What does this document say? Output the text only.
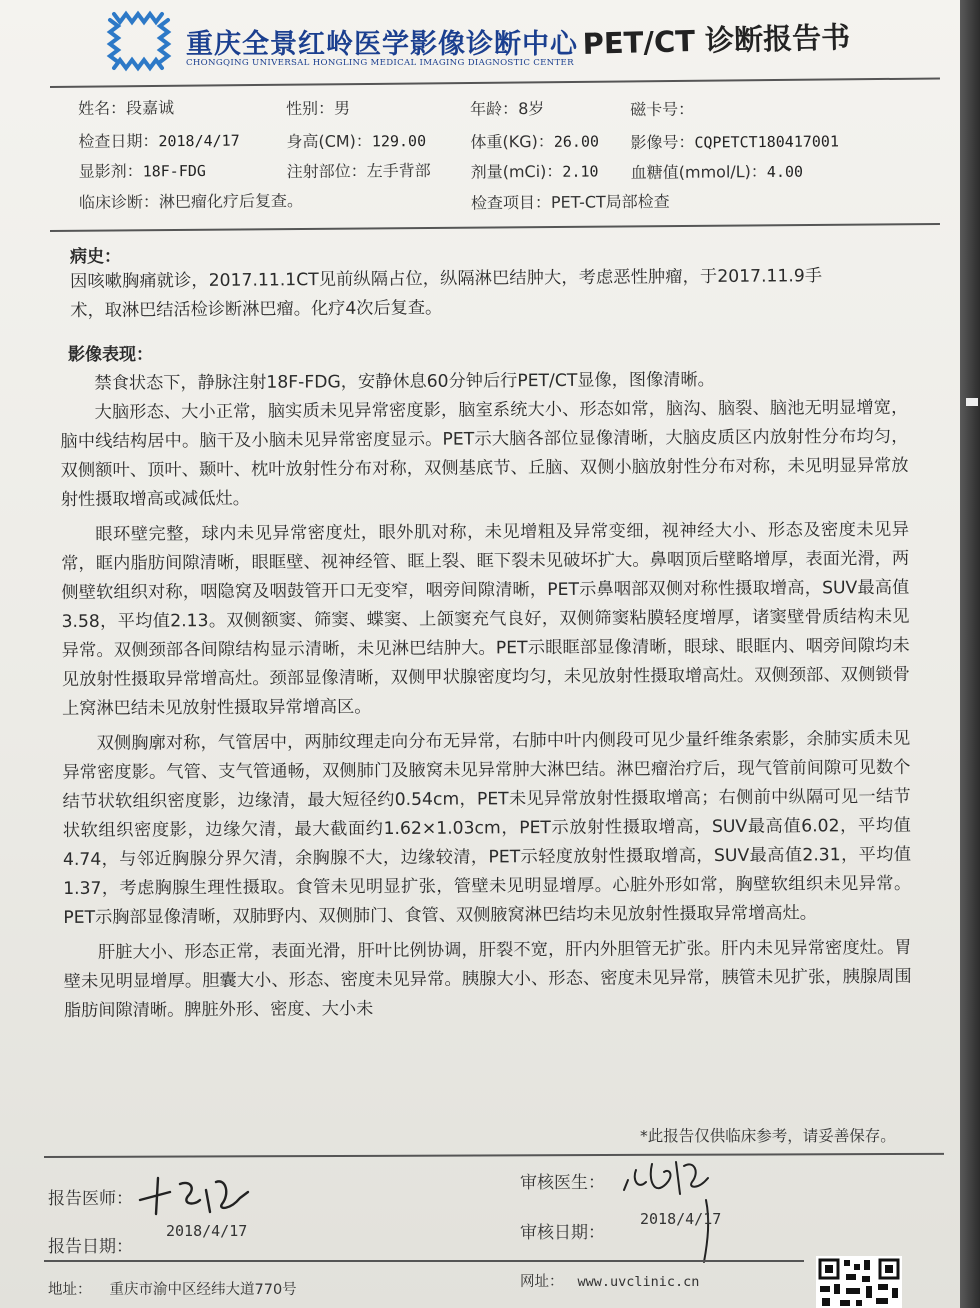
重庆全景红岭医学影像诊断中心
CHONGQING UNIVERSAL HONGLING MEDICAL IMAGING DIAGNOSTIC CENTER
PET/CT 诊断报告书
姓名：段嘉诚	性别：男	年龄：8岁	磁卡号：
检查日期：2018/4/17	身高(CM)：129.00	体重(KG)：26.00 影像号：CQPETCT180417001
显影剂：18F-FDG	注射部位：左手背部 剂量(mCi)：2.10 血糖值(mmol/L)：4.00
临床诊断：淋巴瘤化疗后复查。	检查项目：PET-CT局部检查
病史：

因咳嗽胸痛就诊，2017.11.1CT见前纵隔占位，纵隔淋巴结肿大，考虑恶性肿瘤，于2017.11.9手术，取淋巴结活检诊断淋巴瘤。化疗4次后复查。

影像表现：

禁食状态下，静脉注射18F-FDG，安静休息60分钟后行PET/CT显像，图像清晰。

大脑形态、大小正常，脑实质未见异常密度影，脑室系统大小、形态如常，脑沟、脑裂、脑池无明显增宽，脑中线结构居中。脑干及小脑未见异常密度显示。PET示大脑各部位显像清晰，大脑皮质区内放射性分布均匀，双侧额叶、顶叶、颞叶、枕叶放射性分布对称，双侧基底节、丘脑、双侧小脑放射性分布对称，未见明显异常放射性摄取增高或减低灶。

眼环壁完整，球内未见异常密度灶，眼外肌对称，未见增粗及异常变细，视神经大小、形态及密度未见异常，眶内脂肪间隙清晰，眼眶壁、视神经管、眶上裂、眶下裂未见破坏扩大。鼻咽顶后壁略增厚，表面光滑，两侧壁软组织对称，咽隐窝及咽鼓管开口无变窄，咽旁间隙清晰，PET示鼻咽部双侧对称性摄取增高，SUV最高值3.58，平均值2.13。双侧额窦、筛窦、蝶窦、上颌窦充气良好，双侧筛窦粘膜轻度增厚，诸窦壁骨质结构未见异常。双侧颈部各间隙结构显示清晰，未见淋巴结肿大。PET示眼眶部显像清晰，眼球、眼眶内、咽旁间隙均未见放射性摄取异常增高灶。颈部显像清晰，双侧甲状腺密度均匀，未见放射性摄取增高灶。双侧颈部、双侧锁骨上窝淋巴结未见放射性摄取异常增高区。

双侧胸廓对称，气管居中，两肺纹理走向分布无异常，右肺中叶内侧段可见少量纤维条索影，余肺实质未见异常密度影。气管、支气管通畅，双侧肺门及腋窝未见异常肿大淋巴结。淋巴瘤治疗后，现气管前间隙可见数个结节状软组织密度影，边缘清，最大短径约0.54cm，PET未见异常放射性摄取增高；右侧前中纵隔可见一结节状软组织密度影，边缘欠清，最大截面约1.62×1.03cm，PET示放射性摄取增高，SUV最高值6.02，平均值4.74，与邻近胸腺分界欠清，余胸腺不大，边缘较清，PET示轻度放射性摄取增高，SUV最高值2.31，平均值1.37，考虑胸腺生理性摄取。食管未见明显扩张，管壁未见明显增厚。心脏外形如常，胸壁软组织未见异常。PET示胸部显像清晰，双肺野内、双侧肺门、食管、双侧腋窝淋巴结均未见放射性摄取异常增高灶。

肝脏大小、形态正常，表面光滑，肝叶比例协调，肝裂不宽，肝内外胆管无扩张。肝内未见异常密度灶。胃壁未见明显增厚。胆囊大小、形态、密度未见异常。胰腺大小、形态、密度未见异常，胰管未见扩张，胰腺周围脂肪间隙清晰。脾脏外形、密度、大小未

*此报告仅供临床参考，请妥善保存。
报告医师：
2018/4/17
报告日期：
审核医生：
2018/4/17
审核日期：
地址： 重庆市渝中区经纬大道770号	网址： www.uvclinic.cn
